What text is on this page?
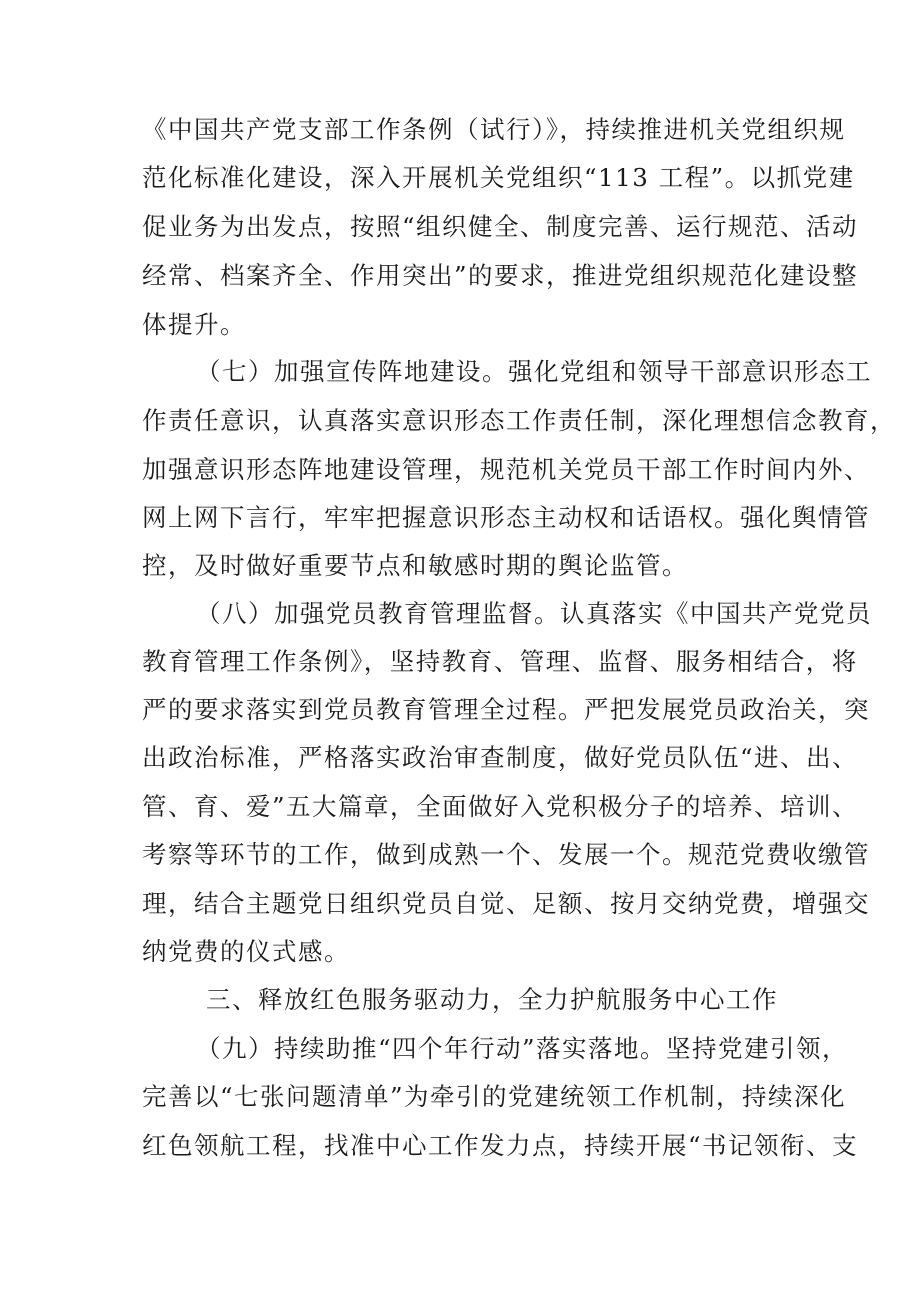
《中国共产党支部工作条例（试行）》，持续推进机关党组织规
范化标准化建设，深入开展机关党组织“113 工程”。以抓党建
促业务为出发点，按照“组织健全、制度完善、运行规范、活动
经常、档案齐全、作用突出”的要求，推进党组织规范化建设整
体提升。
（七）加强宣传阵地建设。强化党组和领导干部意识形态工
作责任意识，认真落实意识形态工作责任制，深化理想信念教育，
加强意识形态阵地建设管理，规范机关党员干部工作时间内外、
网上网下言行，牢牢把握意识形态主动权和话语权。强化舆情管
控，及时做好重要节点和敏感时期的舆论监管。
（八）加强党员教育管理监督。认真落实《中国共产党党员
教育管理工作条例》，坚持教育、管理、监督、服务相结合，将
严的要求落实到党员教育管理全过程。严把发展党员政治关，突
出政治标准，严格落实政治审查制度，做好党员队伍“进、出、
管、育、爱”五大篇章，全面做好入党积极分子的培养、培训、
考察等环节的工作，做到成熟一个、发展一个。规范党费收缴管
理，结合主题党日组织党员自觉、足额、按月交纳党费，增强交
纳党费的仪式感。
三、释放红色服务驱动力，全力护航服务中心工作
（九）持续助推“四个年行动”落实落地。坚持党建引领，
完善以“七张问题清单”为牵引的党建统领工作机制，持续深化
红色领航工程，找准中心工作发力点，持续开展“书记领衔、支
